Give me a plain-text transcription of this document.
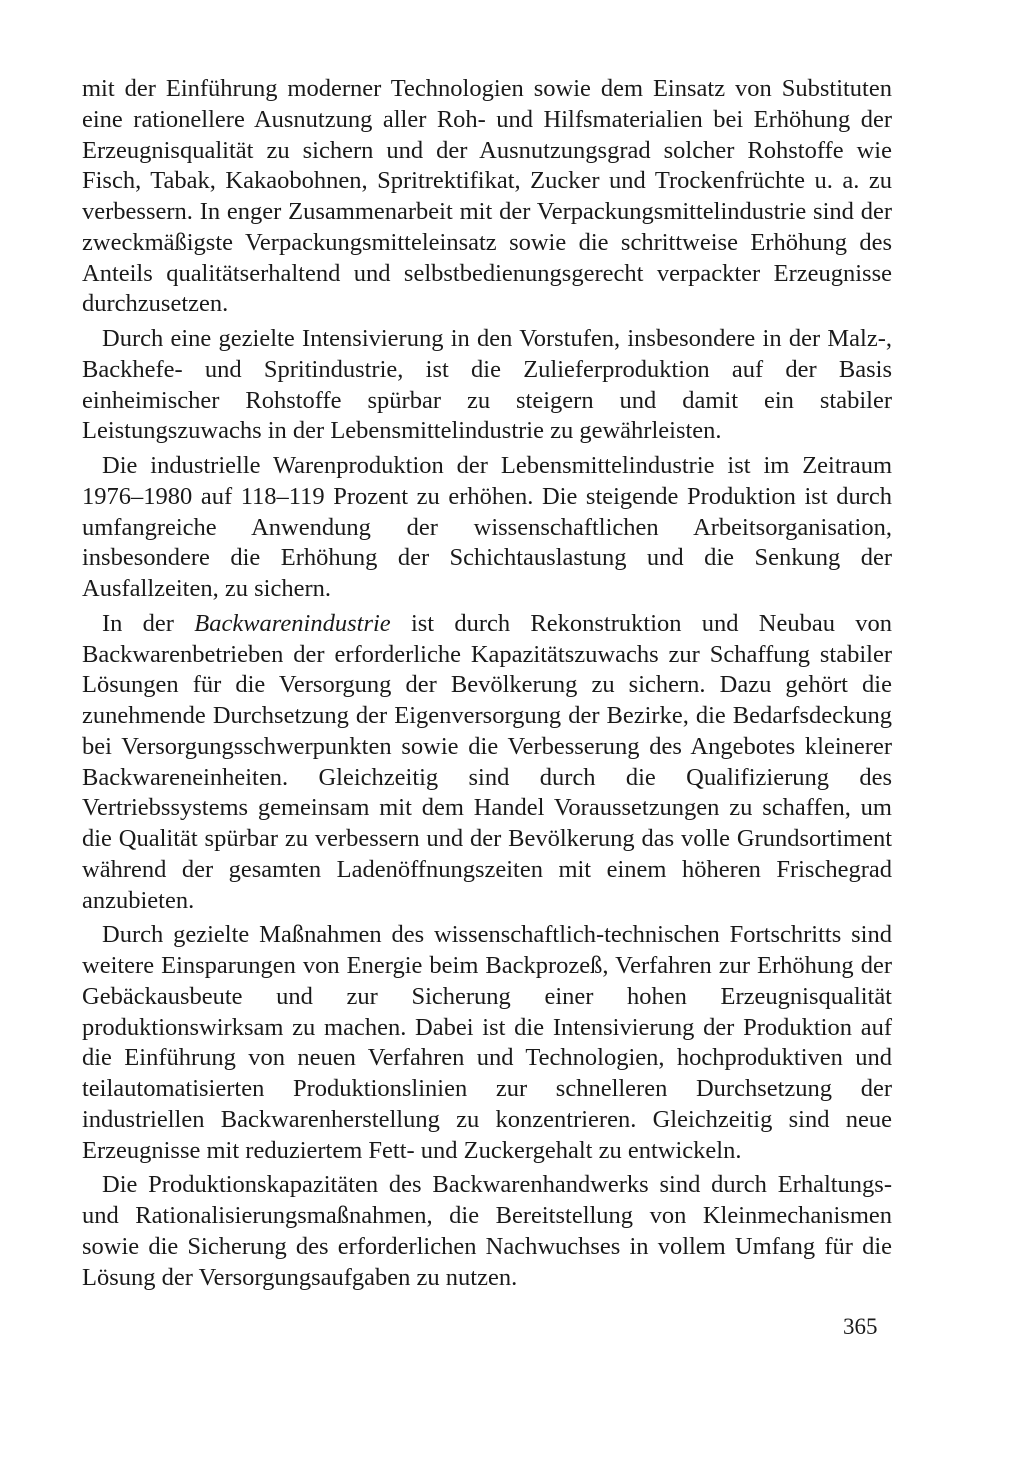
mit der Einführung moderner Technologien sowie dem Einsatz von Substituten eine rationellere Ausnutzung aller Roh- und Hilfsmaterialien bei Erhöhung der Erzeugnisqualität zu sichern und der Ausnutzungsgrad solcher Rohstoffe wie Fisch, Tabak, Kakaobohnen, Spritrektifikat, Zucker und Trockenfrüchte u. a. zu verbessern. In enger Zusammenarbeit mit der Verpackungsmittelindustrie sind der zweckmäßigste Verpackungsmitteleinsatz sowie die schrittweise Erhöhung des Anteils qualitätserhaltend und selbstbedienungsgerecht verpackter Erzeugnisse durchzusetzen.

Durch eine gezielte Intensivierung in den Vorstufen, insbesondere in der Malz-, Backhefe- und Spritindustrie, ist die Zulieferproduktion auf der Basis einheimischer Rohstoffe spürbar zu steigern und damit ein stabiler Leistungszuwachs in der Lebensmittelindustrie zu gewährleisten.

Die industrielle Warenproduktion der Lebensmittelindustrie ist im Zeitraum 1976–1980 auf 118–119 Prozent zu erhöhen. Die steigende Produktion ist durch umfangreiche Anwendung der wissenschaftlichen Arbeitsorganisation, insbesondere die Erhöhung der Schichtauslastung und die Senkung der Ausfallzeiten, zu sichern.

In der Backwarenindustrie ist durch Rekonstruktion und Neubau von Backwarenbetrieben der erforderliche Kapazitätszuwachs zur Schaffung stabiler Lösungen für die Versorgung der Bevölkerung zu sichern. Dazu gehört die zunehmende Durchsetzung der Eigenversorgung der Bezirke, die Bedarfsdeckung bei Versorgungsschwerpunkten sowie die Verbesserung des Angebotes kleinerer Backwareneinheiten. Gleichzeitig sind durch die Qualifizierung des Vertriebssystems gemeinsam mit dem Handel Voraussetzungen zu schaffen, um die Qualität spürbar zu verbessern und der Bevölkerung das volle Grundsortiment während der gesamten Ladenöffnungszeiten mit einem höheren Frischegrad anzubieten.

Durch gezielte Maßnahmen des wissenschaftlich-technischen Fortschritts sind weitere Einsparungen von Energie beim Backprozeß, Verfahren zur Erhöhung der Gebäckausbeute und zur Sicherung einer hohen Erzeugnisqualität produktionswirksam zu machen. Dabei ist die Intensivierung der Produktion auf die Einführung von neuen Verfahren und Technologien, hochproduktiven und teilautomatisierten Produktionslinien zur schnelleren Durchsetzung der industriellen Backwarenherstellung zu konzentrieren. Gleichzeitig sind neue Erzeugnisse mit reduziertem Fett- und Zuckergehalt zu entwickeln.

Die Produktionskapazitäten des Backwarenhandwerks sind durch Erhaltungs- und Rationalisierungsmaßnahmen, die Bereitstellung von Kleinmechanismen sowie die Sicherung des erforderlichen Nachwuchses in vollem Umfang für die Lösung der Versorgungsaufgaben zu nutzen.

365
